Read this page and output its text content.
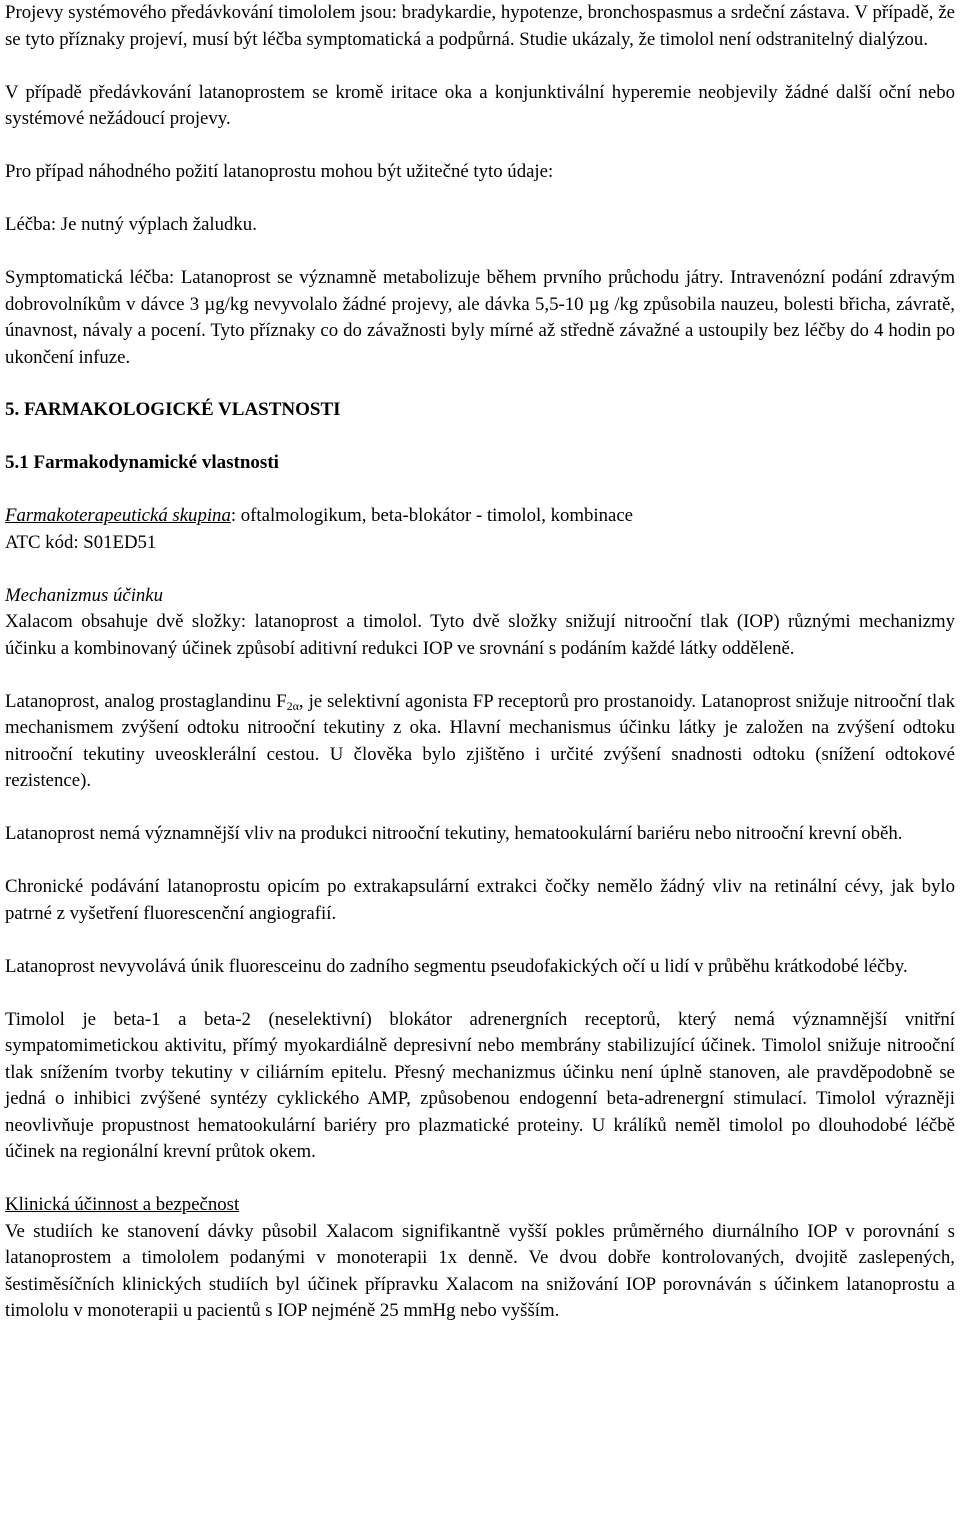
Projevy systémového předávkování timololem jsou: bradykardie, hypotenze, bronchospasmus a srdeční zástava. V případě, že se tyto příznaky projeví, musí být léčba symptomatická a podpůrná. Studie ukázaly, že timolol není odstranitelný dialýzou.

V případě předávkování latanoprostem se kromě iritace oka a konjunktivální hyperemie neobjevily žádné další oční nebo systémové nežádoucí projevy.

Pro případ náhodného požití latanoprostu mohou být užitečné tyto údaje:

Léčba: Je nutný výplach žaludku.

Symptomatická léčba: Latanoprost se významně metabolizuje během prvního průchodu játry. Intravenózní podání zdravým dobrovolníkům v dávce 3 µg/kg nevyvolalo žádné projevy, ale dávka 5,5-10 µg /kg způsobila nauzeu, bolesti břicha, závratě, únavnost, návaly a pocení. Tyto příznaky co do závažnosti byly mírné až středně závažné a ustoupily bez léčby do 4 hodin po ukončení infuze.

5. FARMAKOLOGICKÉ VLASTNOSTI
5.1 Farmakodynamické vlastnosti
Farmakoterapeutická skupina: oftalmologikum, beta-blokátor - timolol, kombinace
ATC kód: S01ED51
Mechanizmus účinku

Xalacom obsahuje dvě složky: latanoprost a timolol. Tyto dvě složky snižují nitrooční tlak (IOP) různými mechanizmy účinku a kombinovaný účinek způsobí aditivní redukci IOP ve srovnání s podáním každé látky odděleně.

Latanoprost, analog prostaglandinu $F_{2\alpha}$, je selektivní agonista FP receptorů pro prostanoidy. Latanoprost snižuje nitrooční tlak mechanismem zvýšení odtoku nitrooční tekutiny z oka. Hlavní mechanismus účinku látky je založen na zvýšení odtoku nitrooční tekutiny uveosklerální cestou. U člověka bylo zjištěno i určité zvýšení snadnosti odtoku (snížení odtokové rezistence).

Latanoprost nemá významnější vliv na produkci nitrooční tekutiny, hematookulární bariéru nebo nitrooční krevní oběh.

Chronické podávání latanoprostu opicím po extrakapsulární extrakci čočky nemělo žádný vliv na retinální cévy, jak bylo patrné z vyšetření fluorescenční angiografií.

Latanoprost nevyvolává únik fluoresceinu do zadního segmentu pseudofakických očí u lidí v průběhu krátkodobé léčby.

Timolol je beta-1 a beta-2 (neselektivní) blokátor adrenergních receptorů, který nemá významnější vnitřní sympatomimetickou aktivitu, přímý myokardiálně depresivní nebo membrány stabilizující účinek. Timolol snižuje nitrooční tlak snížením tvorby tekutiny v ciliárním epitelu. Přesný mechanizmus účinku není úplně stanoven, ale pravděpodobně se jedná o inhibici zvýšené syntézy cyklického AMP, způsobenou endogenní beta-adrenergní stimulací. Timolol výrazněji neovlivňuje propustnost hematookulární bariéry pro plazmatické proteiny. U králíků neměl timolol po dlouhodobé léčbě účinek na regionální krevní průtok okem.

Klinická účinnost a bezpečnost

Ve studiích ke stanovení dávky působil Xalacom signifikantně vyšší pokles průměrného diurnálního IOP v porovnání s latanoprostem a timololem podanými v monoterapii 1x denně. Ve dvou dobře kontrolovaných, dvojitě zaslepených, šestiměsíčních klinických studiích byl účinek přípravku Xalacom na snižování IOP porovnáván s účinkem latanoprostu a timololu v monoterapii u pacientů s IOP nejméně 25 mmHg nebo vyšším.
